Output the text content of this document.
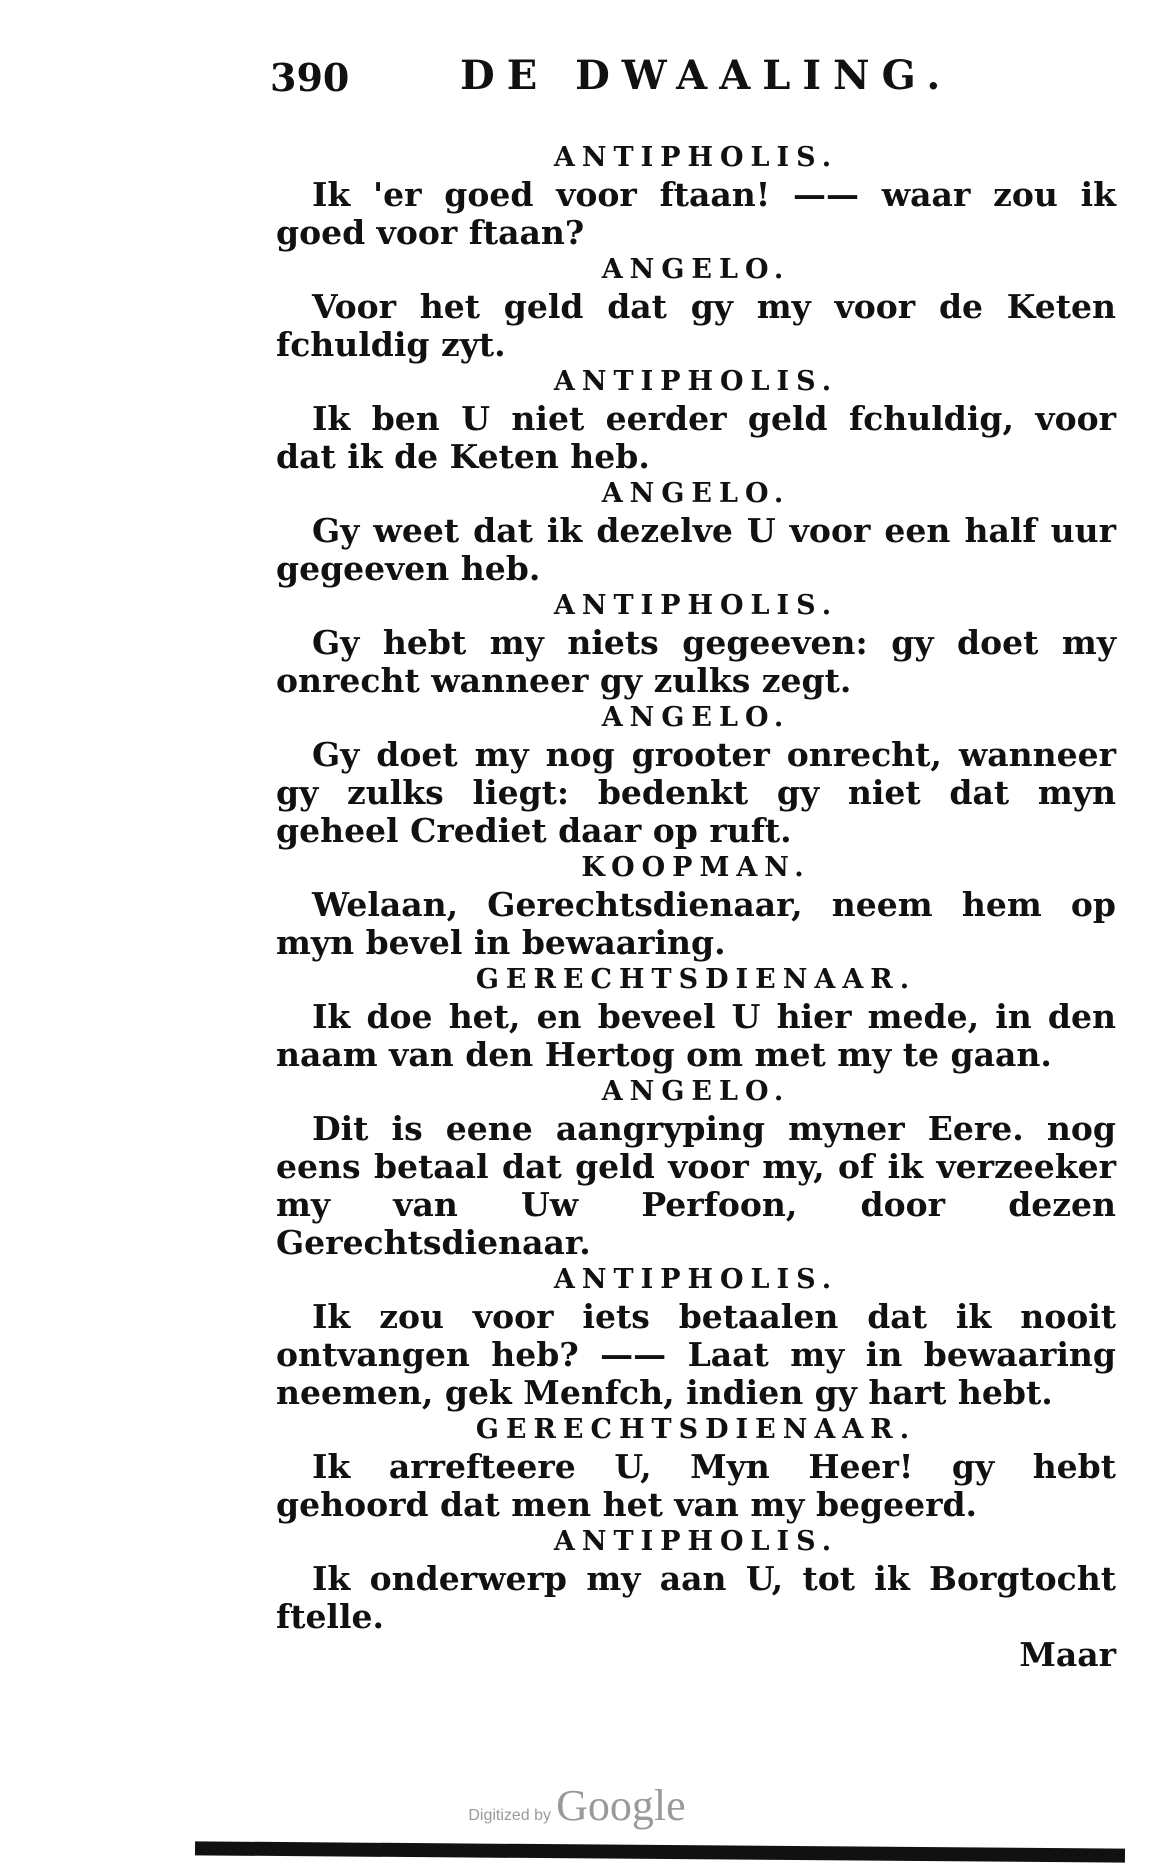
390	DE DWAALING.
ANTIPHOLIS.

Ik 'er goed voor ftaan! —— waar zou ik goed voor ftaan?

ANGELO.

Voor het geld dat gy my voor de Keten fchuldig zyt.

ANTIPHOLIS.

Ik ben U niet eerder geld fchuldig, voor dat ik de Keten heb.

ANGELO.

Gy weet dat ik dezelve U voor een half uur gegeeven heb.

ANTIPHOLIS.

Gy hebt my niets gegeeven: gy doet my onrecht wanneer gy zulks zegt.

ANGELO.

Gy doet my nog grooter onrecht, wanneer gy zulks liegt: bedenkt gy niet dat myn geheel Crediet daar op ruft.

KOOPMAN.

Welaan, Gerechtsdienaar, neem hem op myn bevel in bewaaring.

GERECHTSDIENAAR.

Ik doe het, en beveel U hier mede, in den naam van den Hertog om met my te gaan.

ANGELO.

Dit is eene aangryping myner Eere. nog eens betaal dat geld voor my, of ik verzeeker my van Uw Perfoon, door dezen Gerechtsdienaar.

ANTIPHOLIS.

Ik zou voor iets betaalen dat ik nooit ontvangen heb? —— Laat my in bewaaring neemen, gek Menfch, indien gy hart hebt.

GERECHTSDIENAAR.

Ik arrefteere U, Myn Heer! gy hebt gehoord dat men het van my begeerd.

ANTIPHOLIS.

Ik onderwerp my aan U, tot ik Borgtocht ftelle.

Maar
Digitized by Google
